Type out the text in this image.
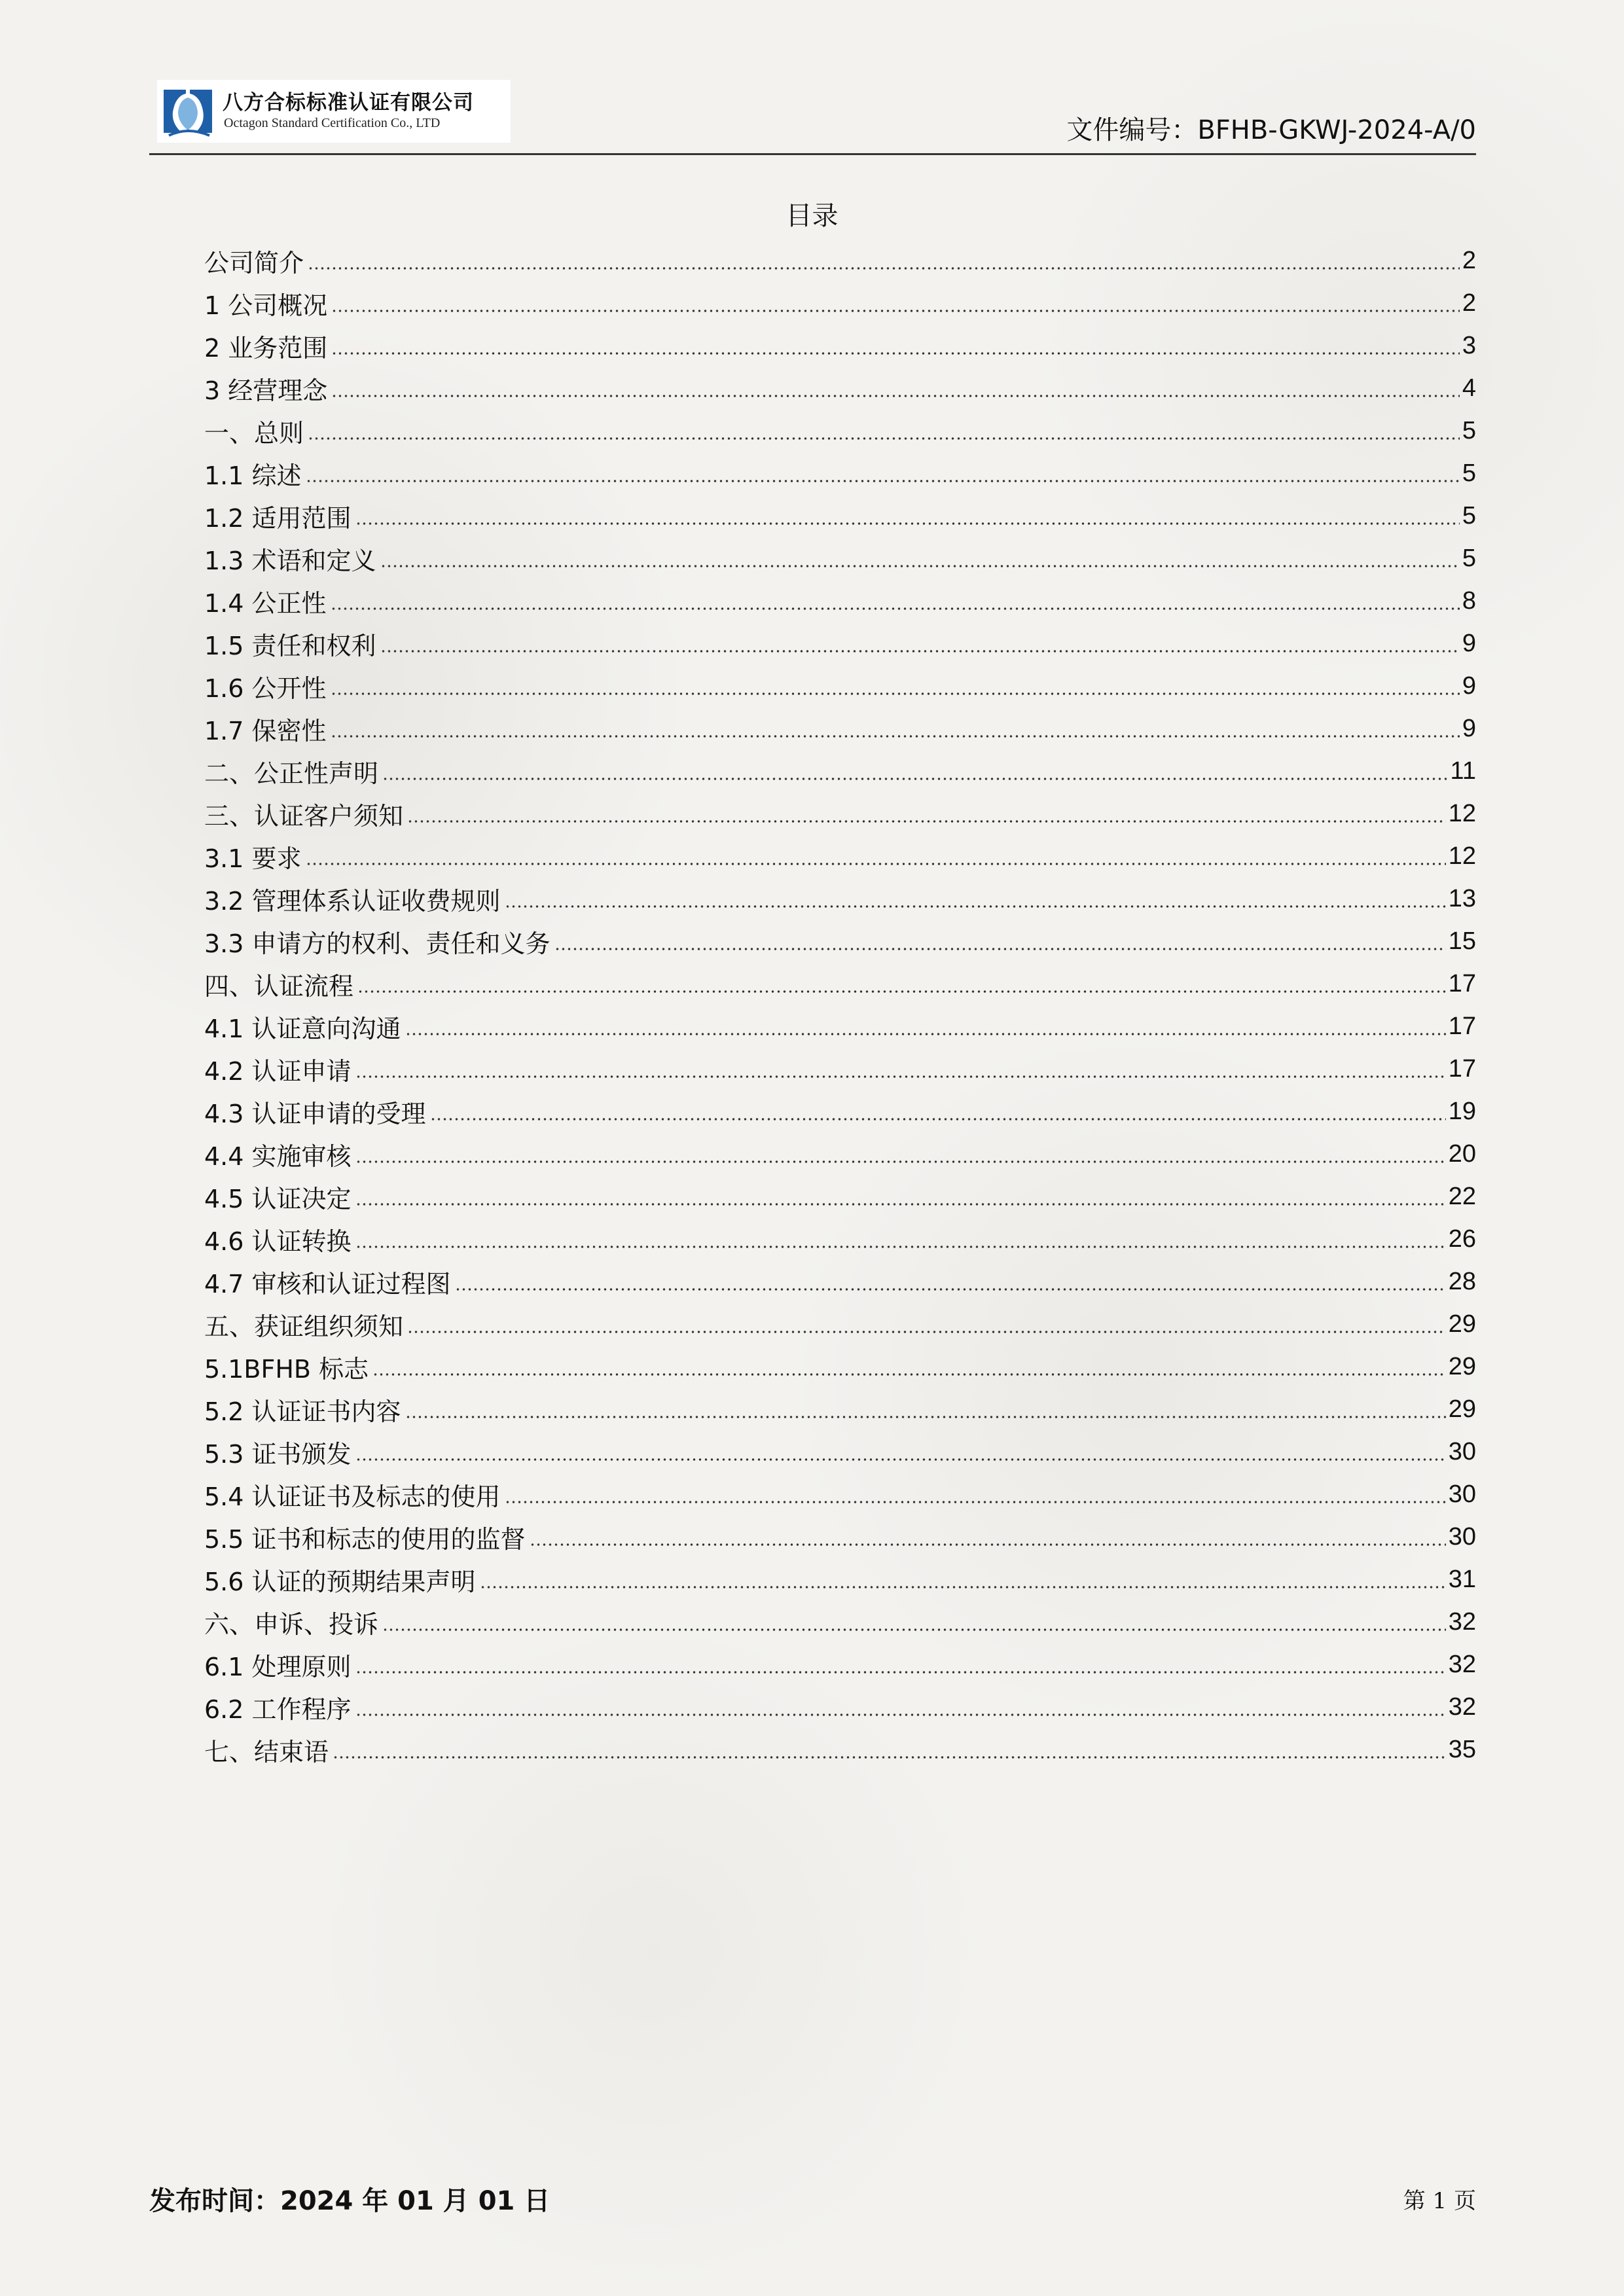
八方合标标准认证有限公司
Octagon Standard Certification Co., LTD	文件编号：BFHB-GKWJ-2024-A/0
目录
公司简介	2
1 公司概况	2
2 业务范围	3
3 经营理念	4
一、总则	5
1.1 综述	5
1.2 适用范围	5
1.3 术语和定义	5
1.4 公正性	8
1.5 责任和权利	9
1.6 公开性	9
1.7 保密性	9
二、公正性声明	11
三、认证客户须知	12
3.1 要求	12
3.2 管理体系认证收费规则	13
3.3 申请方的权利、责任和义务	15
四、认证流程	17
4.1 认证意向沟通	17
4.2 认证申请	17
4.3 认证申请的受理	19
4.4 实施审核	20
4.5 认证决定	22
4.6 认证转换	26
4.7 审核和认证过程图	28
五、获证组织须知	29
5.1BFHB 标志	29
5.2 认证证书内容	29
5.3 证书颁发	30
5.4 认证证书及标志的使用	30
5.5 证书和标志的使用的监督	30
5.6 认证的预期结果声明	31
六、申诉、投诉	32
6.1 处理原则	32
6.2 工作程序	32
七、结束语	35
发布时间：2024 年 01 月 01 日	第 1 页
